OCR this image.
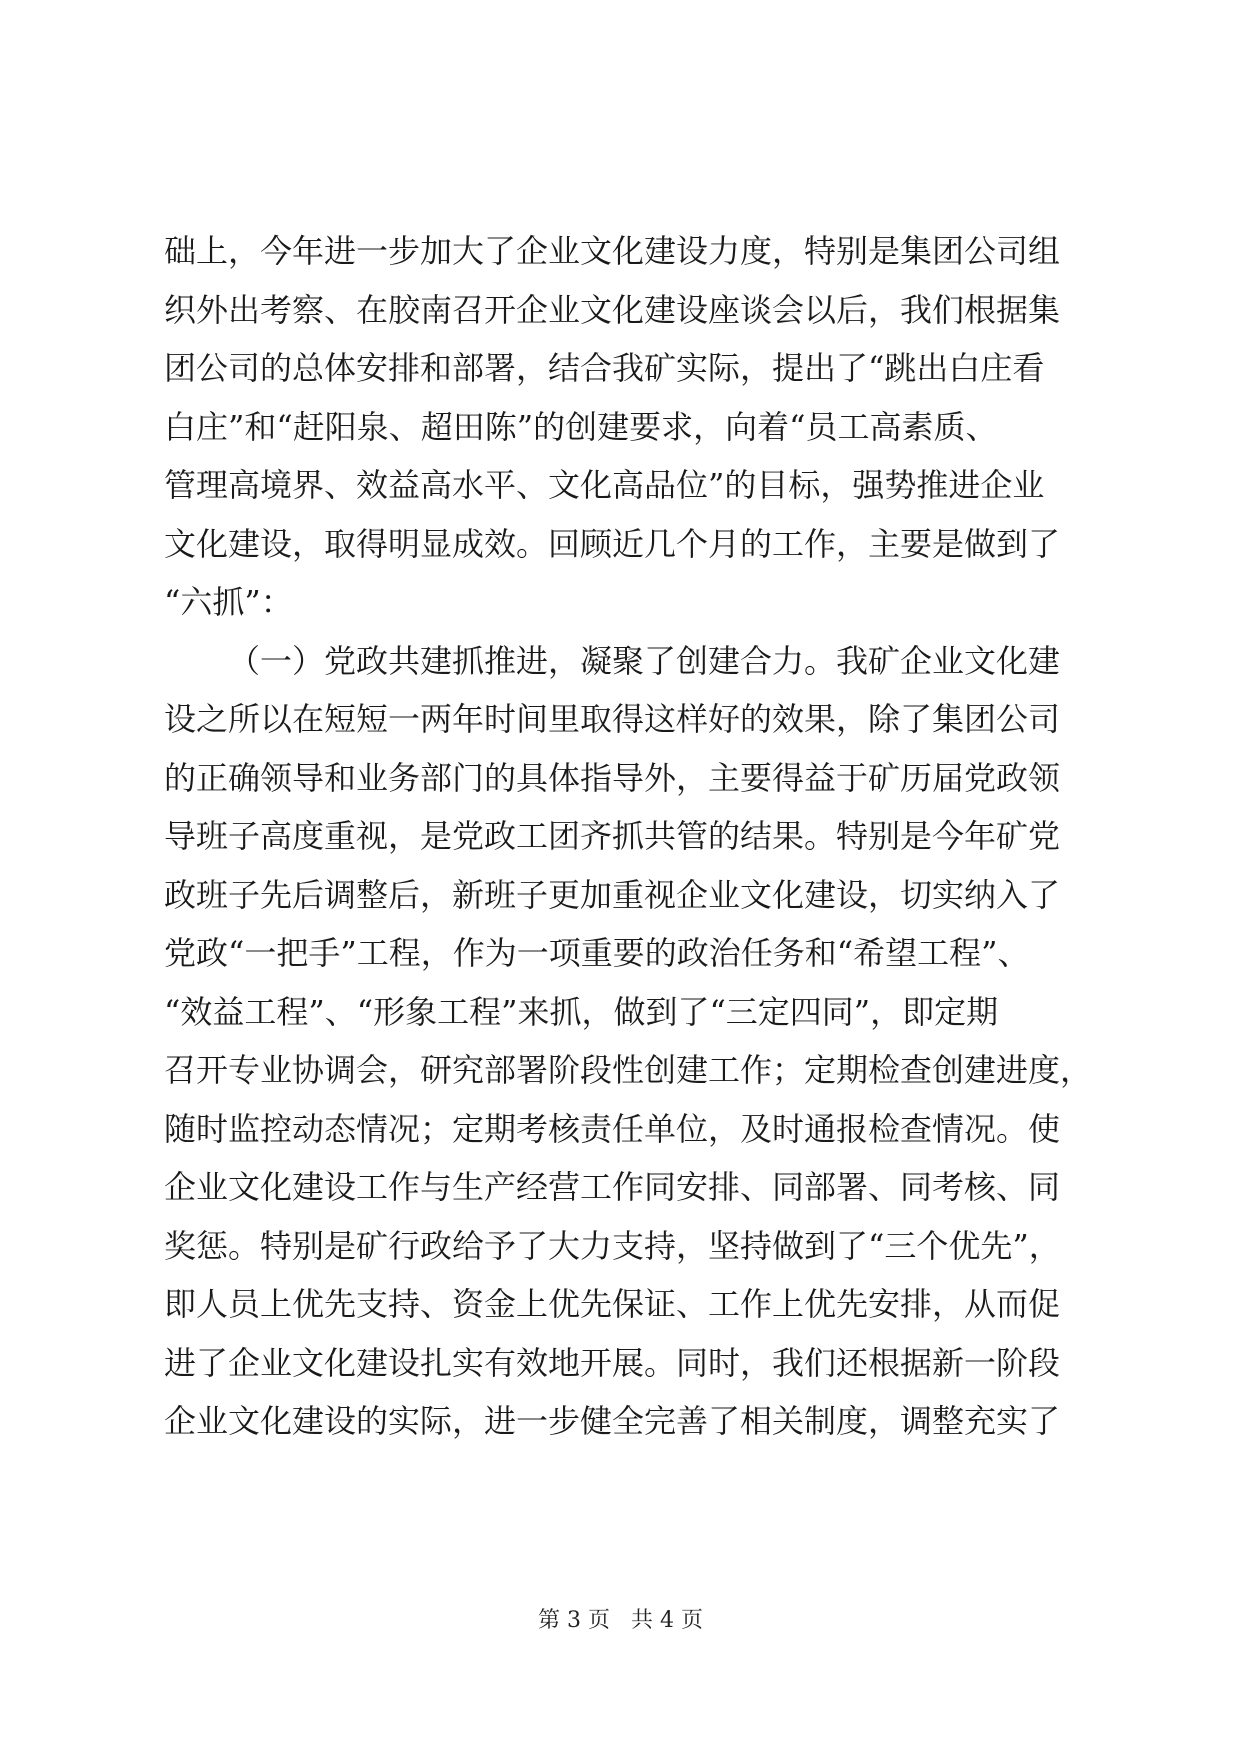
础上，今年进一步加大了企业文化建设力度，特别是集团公司组
织外出考察、在胶南召开企业文化建设座谈会以后，我们根据集
团公司的总体安排和部署，结合我矿实际，提出了“跳出白庄看
白庄”和“赶阳泉、超田陈”的创建要求，向着“员工高素质、
管理高境界、效益高水平、文化高品位”的目标，强势推进企业
文化建设，取得明显成效。回顾近几个月的工作，主要是做到了
“六抓”：
（一）党政共建抓推进，凝聚了创建合力。我矿企业文化建
设之所以在短短一两年时间里取得这样好的效果，除了集团公司
的正确领导和业务部门的具体指导外，主要得益于矿历届党政领
导班子高度重视，是党政工团齐抓共管的结果。特别是今年矿党
政班子先后调整后，新班子更加重视企业文化建设，切实纳入了
党政“一把手”工程，作为一项重要的政治任务和“希望工程”、
“效益工程”、“形象工程”来抓，做到了“三定四同”，即定期
召开专业协调会，研究部署阶段性创建工作；定期检查创建进度，
随时监控动态情况；定期考核责任单位，及时通报检查情况。使
企业文化建设工作与生产经营工作同安排、同部署、同考核、同
奖惩。特别是矿行政给予了大力支持，坚持做到了“三个优先”，
即人员上优先支持、资金上优先保证、工作上优先安排，从而促
进了企业文化建设扎实有效地开展。同时，我们还根据新一阶段
企业文化建设的实际，进一步健全完善了相关制度，调整充实了
第 3 页 共 4 页
